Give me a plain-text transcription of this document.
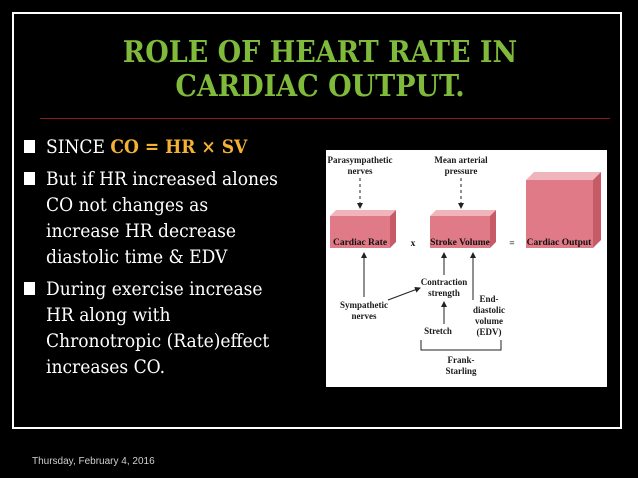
ROLE OF HEART RATE IN
CARDIAC OUTPUT.
SINCE CO = HR × SV
But if HR increased alones
CO not changes as
increase HR decrease
diastolic time & EDV
During exercise increase
HR along with
Chronotropic (Rate)effect
increases CO.
Parasympathetic
nerves
Mean arterial
pressure
Cardiac Rate x Stroke Volume = Cardiac Output
Contraction
strength
Sympathetic
nerves
End-
diastolic
volume
(EDV)
Stretch
Frank-
Starling
Thursday, February 4, 2016
